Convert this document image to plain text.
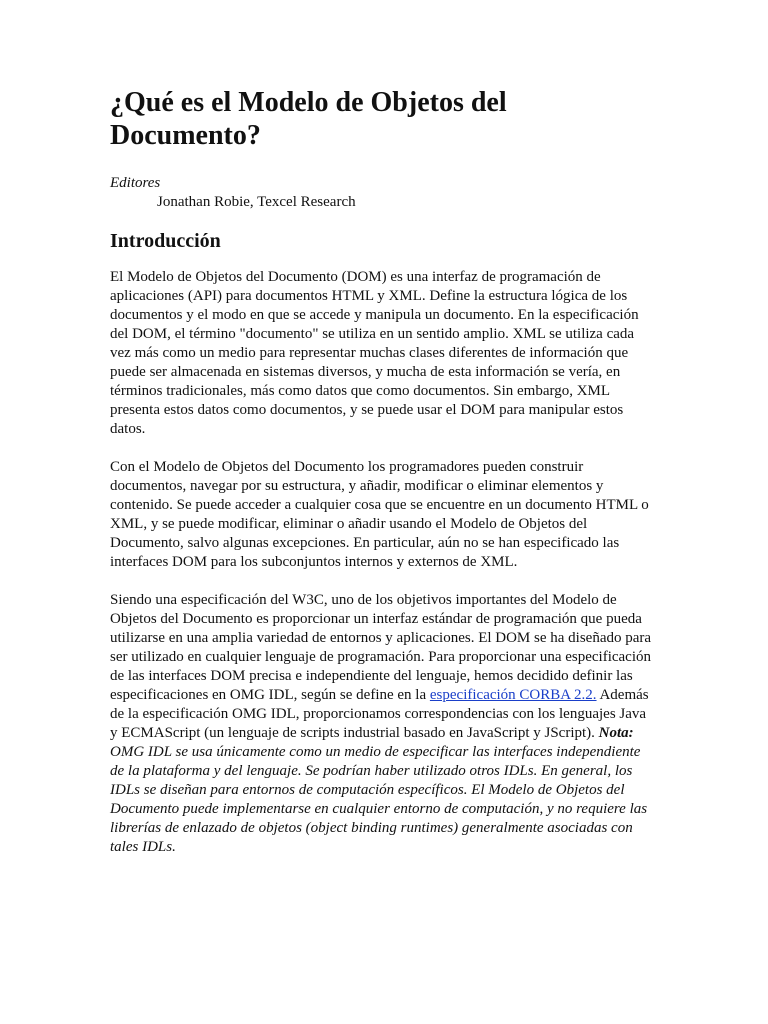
¿Qué es el Modelo de Objetos del Documento?

Editores

Jonathan Robie, Texcel Research

Introducción

El Modelo de Objetos del Documento (DOM) es una interfaz de programación de aplicaciones (API) para documentos HTML y XML. Define la estructura lógica de los documentos y el modo en que se accede y manipula un documento. En la especificación del DOM, el término "documento" se utiliza en un sentido amplio. XML se utiliza cada vez más como un medio para representar muchas clases diferentes de información que puede ser almacenada en sistemas diversos, y mucha de esta información se vería, en términos tradicionales, más como datos que como documentos. Sin embargo, XML presenta estos datos como documentos, y se puede usar el DOM para manipular estos datos.

Con el Modelo de Objetos del Documento los programadores pueden construir documentos, navegar por su estructura, y añadir, modificar o eliminar elementos y contenido. Se puede acceder a cualquier cosa que se encuentre en un documento HTML o XML, y se puede modificar, eliminar o añadir usando el Modelo de Objetos del Documento, salvo algunas excepciones. En particular, aún no se han especificado las interfaces DOM para los subconjuntos internos y externos de XML.

Siendo una especificación del W3C, uno de los objetivos importantes del Modelo de Objetos del Documento es proporcionar un interfaz estándar de programación que pueda utilizarse en una amplia variedad de entornos y aplicaciones. El DOM se ha diseñado para ser utilizado en cualquier lenguaje de programación. Para proporcionar una especificación de las interfaces DOM precisa e independiente del lenguaje, hemos decidido definir las especificaciones en OMG IDL, según se define en la especificación CORBA 2.2. Además de la especificación OMG IDL, proporcionamos correspondencias con los lenguajes Java y ECMAScript (un lenguaje de scripts industrial basado en JavaScript y JScript). Nota: OMG IDL se usa únicamente como un medio de especificar las interfaces independiente de la plataforma y del lenguaje. Se podrían haber utilizado otros IDLs. En general, los IDLs se diseñan para entornos de computación específicos. El Modelo de Objetos del Documento puede implementarse en cualquier entorno de computación, y no requiere las librerías de enlazado de objetos (object binding runtimes) generalmente asociadas con tales IDLs.
